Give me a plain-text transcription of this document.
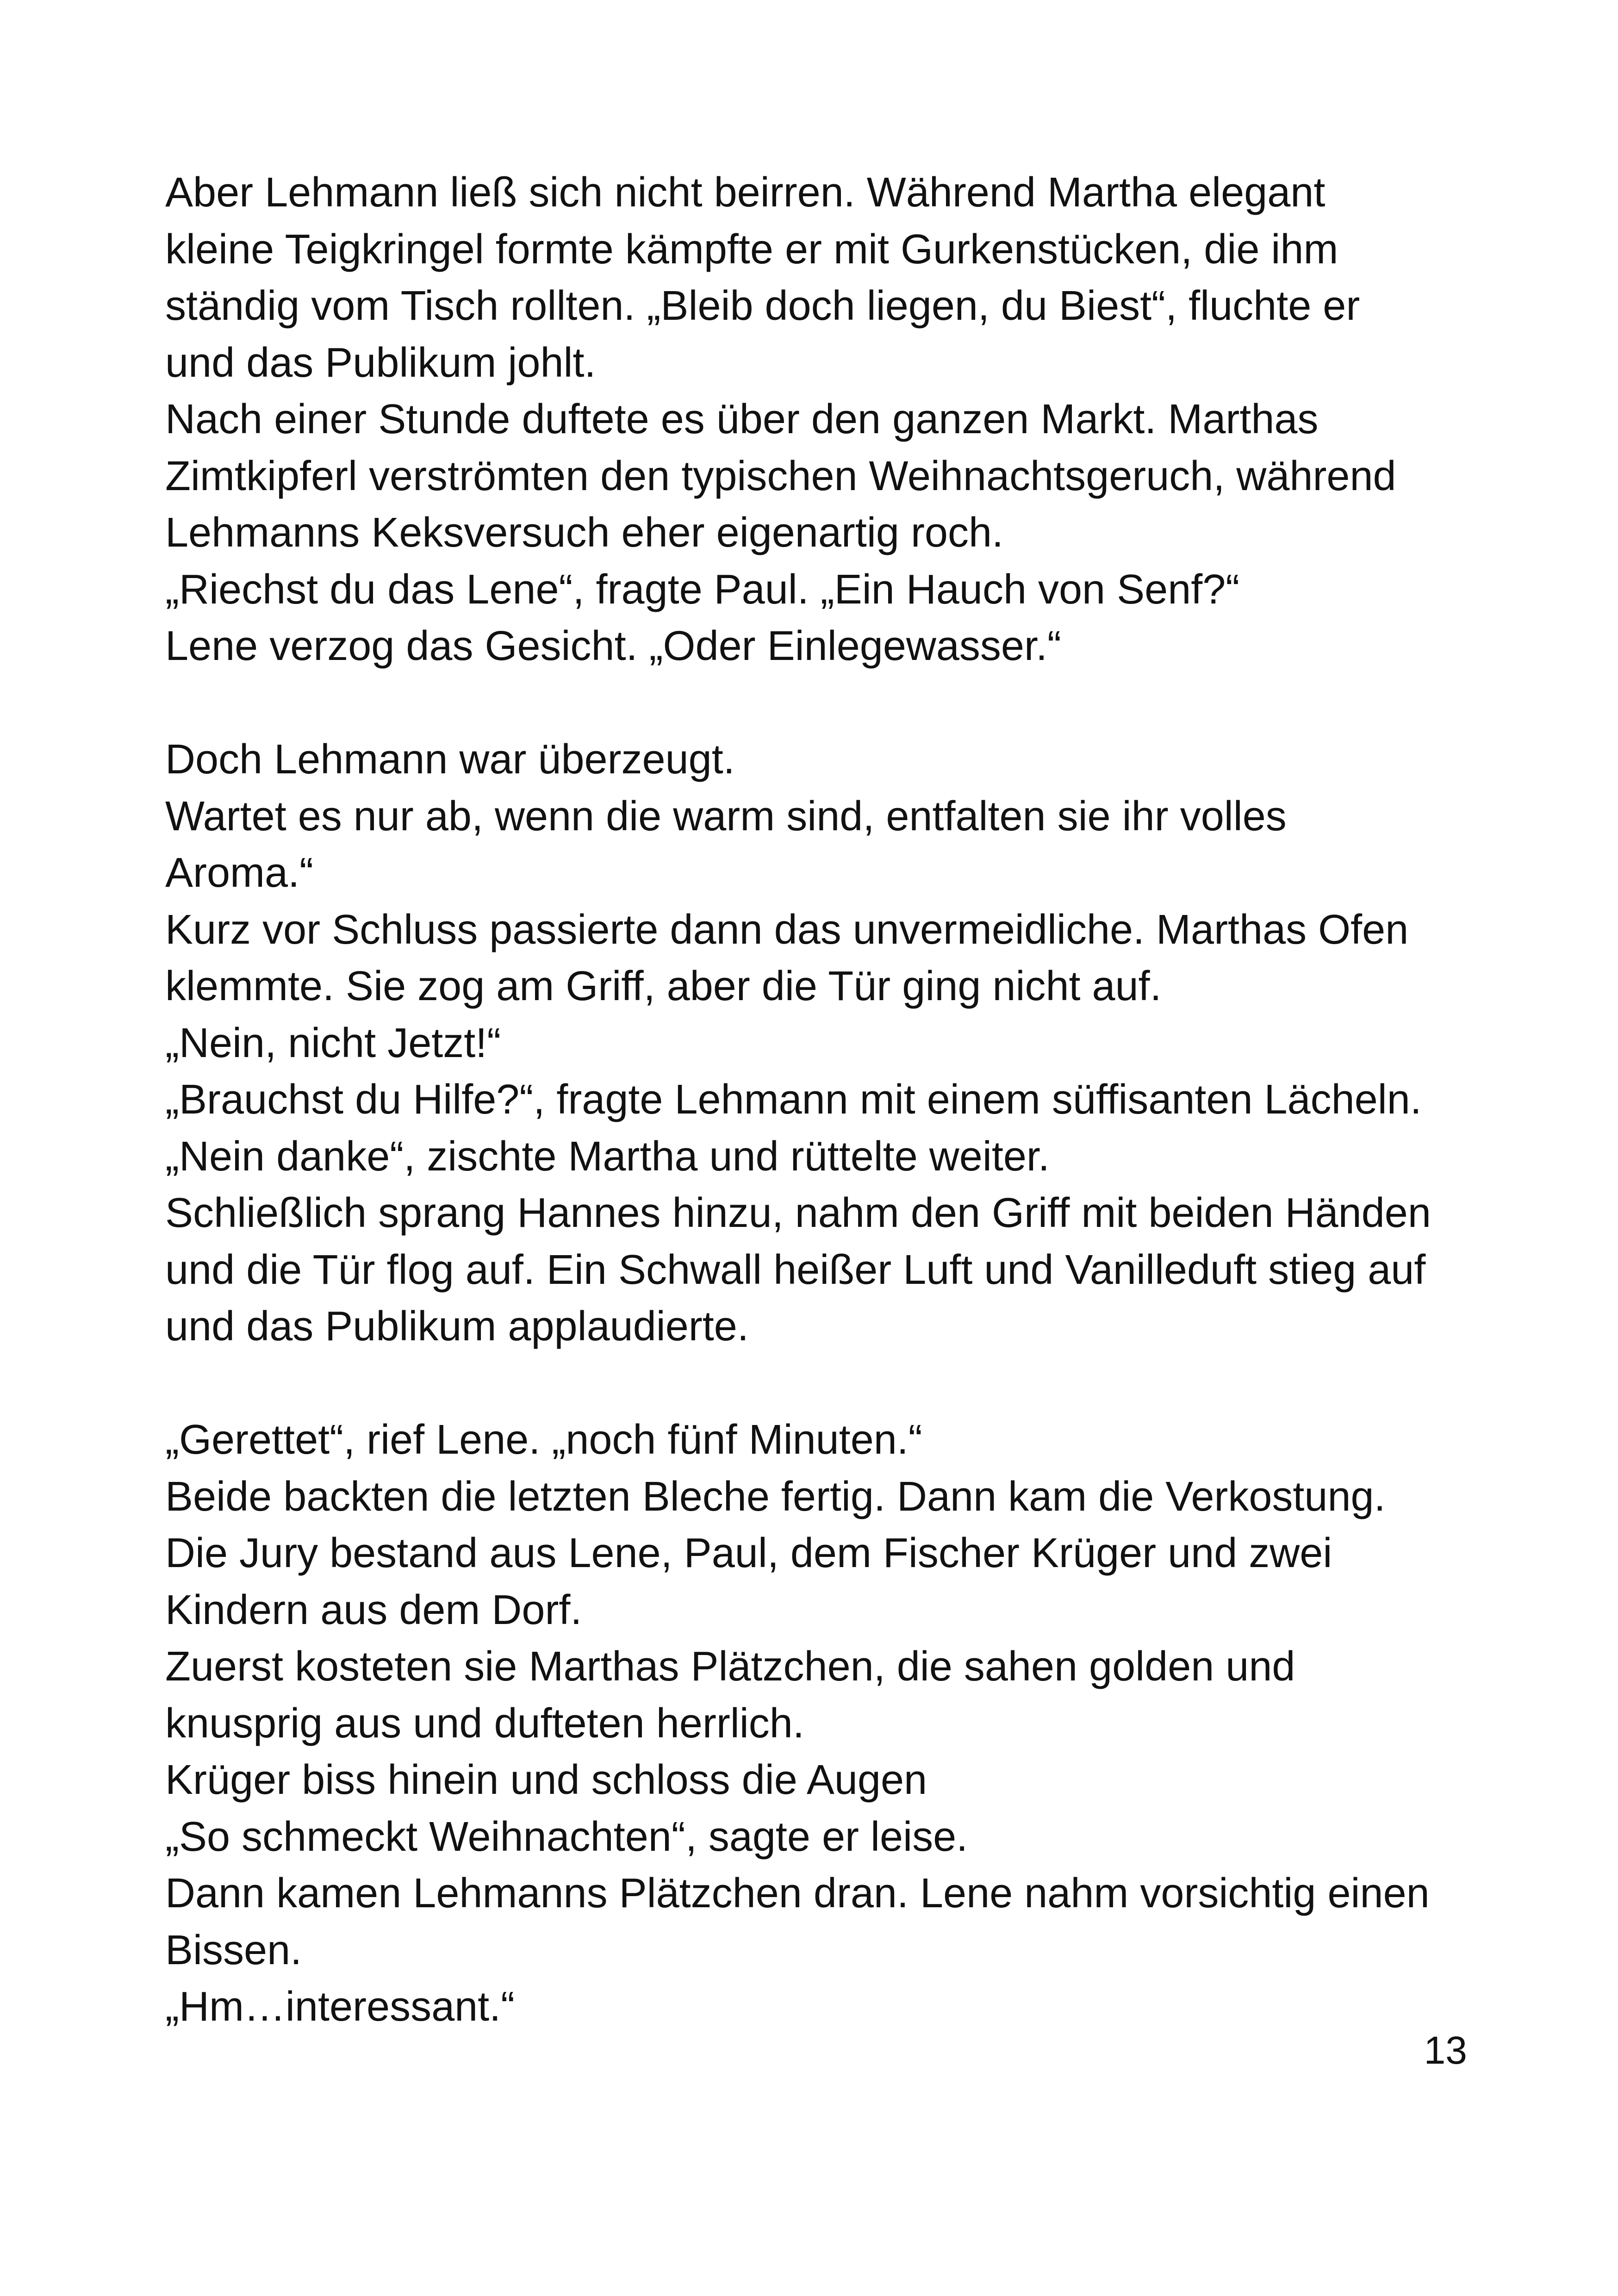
Aber Lehmann ließ sich nicht beirren. Während Martha elegant
kleine Teigkringel formte kämpfte er mit Gurkenstücken, die ihm
ständig vom Tisch rollten. „Bleib doch liegen, du Biest“, fluchte er
und das Publikum johlt.
Nach einer Stunde duftete es über den ganzen Markt. Marthas
Zimtkipferl verströmten den typischen Weihnachtsgeruch, während
Lehmanns Keksversuch eher eigenartig roch.
„Riechst du das Lene“, fragte Paul. „Ein Hauch von Senf?“
Lene verzog das Gesicht. „Oder Einlegewasser.“
Doch Lehmann war überzeugt.
Wartet es nur ab, wenn die warm sind, entfalten sie ihr volles
Aroma.“
Kurz vor Schluss passierte dann das unvermeidliche. Marthas Ofen
klemmte. Sie zog am Griff, aber die Tür ging nicht auf.
„Nein, nicht Jetzt!“
„Brauchst du Hilfe?“, fragte Lehmann mit einem süffisanten Lächeln.
„Nein danke“, zischte Martha und rüttelte weiter.
Schließlich sprang Hannes hinzu, nahm den Griff mit beiden Händen
und die Tür flog auf. Ein Schwall heißer Luft und Vanilleduft stieg auf
und das Publikum applaudierte.
„Gerettet“, rief Lene. „noch fünf Minuten.“
Beide backten die letzten Bleche fertig. Dann kam die Verkostung.
Die Jury bestand aus Lene, Paul, dem Fischer Krüger und zwei
Kindern aus dem Dorf.
Zuerst kosteten sie Marthas Plätzchen, die sahen golden und
knusprig aus und dufteten herrlich.
Krüger biss hinein und schloss die Augen
„So schmeckt Weihnachten“, sagte er leise.
Dann kamen Lehmanns Plätzchen dran. Lene nahm vorsichtig einen
Bissen.
„Hm…interessant.“
13
